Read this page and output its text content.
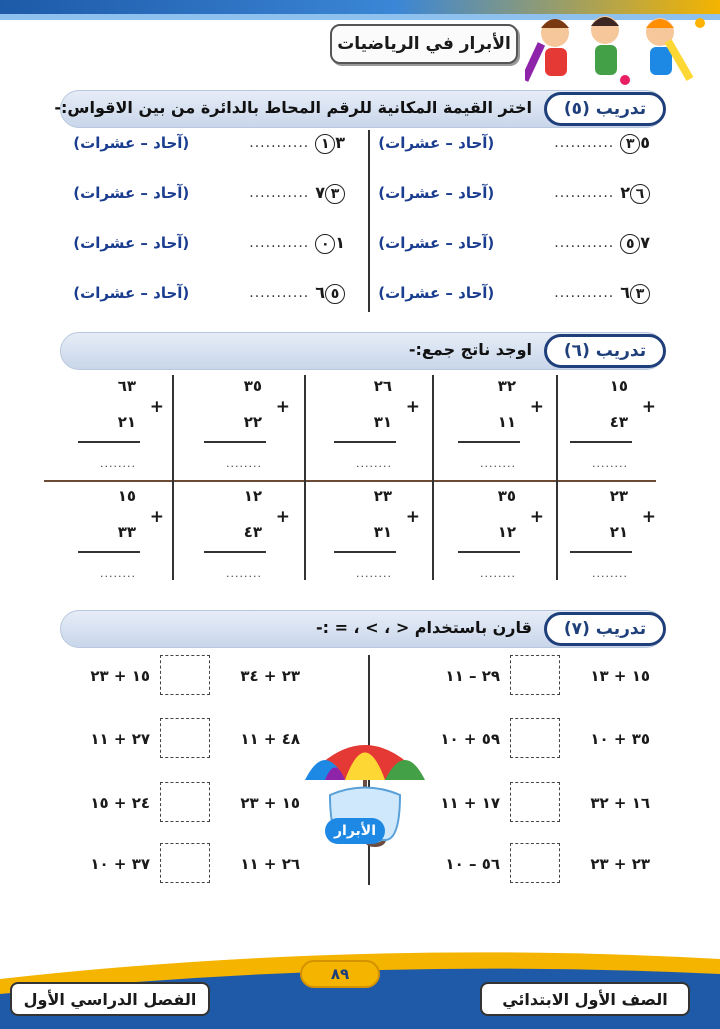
الأبرار في الرياضيات
تدريب (٥)
اختر القيمة المكانية للرقم المحاط بالدائرة من بين الاقواس:-
٥٣
...........
(آحاد – عشرات)
٣١
...........
(آحاد – عشرات)
٦٢
...........
(آحاد – عشرات)
٣٧
...........
(آحاد – عشرات)
٧٥
...........
(آحاد – عشرات)
١٠
...........
(آحاد – عشرات)
٣٦
...........
(آحاد – عشرات)
٥٦
...........
(آحاد – عشرات)
تدريب (٦)
اوجد ناتج جمع:-
١٥
+
٤٣
........
٣٢
+
١١
........
٢٦
+
٣١
........
٣٥
+
٢٢
........
٦٣
+
٢١
........
٢٣
+
٢١
........
٣٥
+
١٢
........
٢٣
+
٣١
........
١٢
+
٤٣
........
١٥
+
٣٣
........
تدريب (٧)
قارن باستخدام < ، > ، = :-
١٥ + ١٣
٢٩ – ١١
٣٥ + ١٠
٥٩ + ١٠
١٦ + ٣٢
١٧ + ١١
٢٣ + ٢٣
٥٦ – ١٠
٢٣ + ٣٤
١٥ + ٢٣
٤٨ + ١١
٢٧ + ١١
١٥ + ٢٣
٢٤ + ١٥
٢٦ + ١١
٣٧ + ١٠
الأبرار
٨٩
الصف الأول الابتدائي
الفصل الدراسي الأول
